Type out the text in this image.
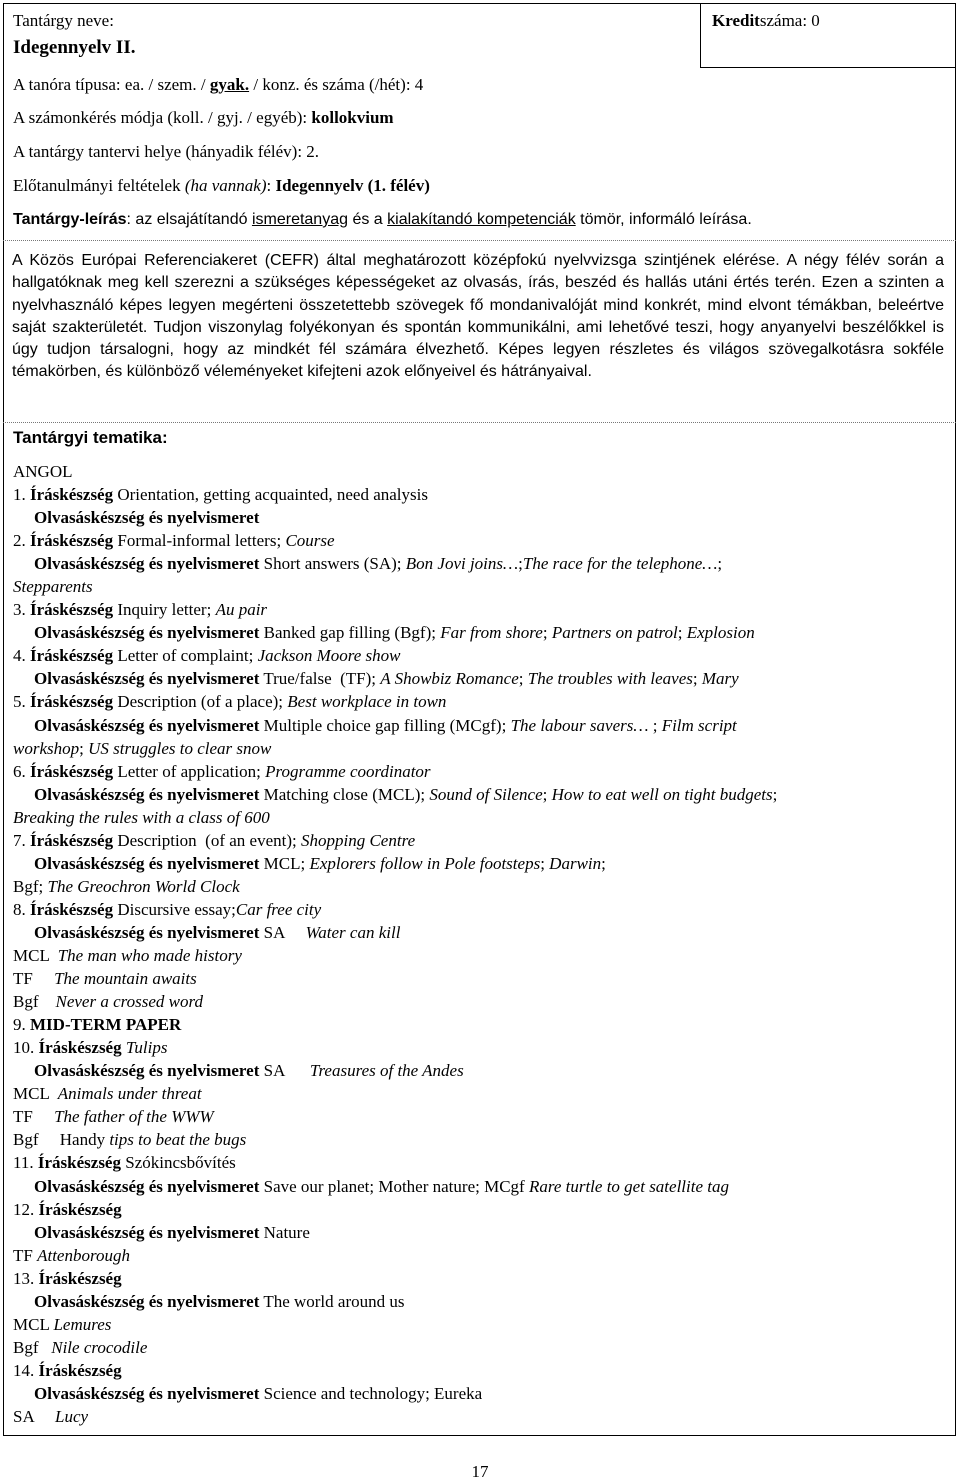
Tantárgy neve:
Idegennyelv II.
Kreditszáma: 0
A tanóra típusa: ea. / szem. / gyak. / konz. és száma (/hét): 4
A számonkérés módja (koll. / gyj. / egyéb): kollokvium
A tantárgy tantervi helye (hányadik félév): 2.
Előtanulmányi feltételek (ha vannak): Idegennyelv (1. félév)
Tantárgy-leírás: az elsajátítandó ismeretanyag és a kialakítandó kompetenciák tömör, informáló leírása.
A Közös Európai Referenciakeret (CEFR) által meghatározott középfokú nyelvvizsga szintjének elérése. A négy félév során a hallgatóknak meg kell szerezni a szükséges képességeket az olvasás, írás, beszéd és hallás utáni értés terén. Ezen a szinten a nyelvhasználó képes legyen megérteni összetettebb szövegek fő mondanivalóját mind konkrét, mind elvont témákban, beleértve saját szakterületét. Tudjon viszonylag folyékonyan és spontán kommunikálni, ami lehetővé teszi, hogy anyanyelvi beszélőkkel is úgy tudjon társalogni, hogy az mindkét fél számára élvezhető. Képes legyen részletes és világos szövegalkotásra sokféle témakörben, és különböző véleményeket kifejteni azok előnyeivel és hátrányaival.
Tantárgyi tematika:
ANGOL
1. Íráskészség Orientation, getting acquainted, need analysis
Olvasáskészség és nyelvismeret
2. Íráskészség Formal-informal letters; Course
Olvasáskészség és nyelvismeret Short answers (SA); Bon Jovi joins…;The race for the telephone…;
Stepparents
3. Íráskészség Inquiry letter; Au pair
Olvasáskészség és nyelvismeret Banked gap filling (Bgf); Far from shore; Partners on patrol; Explosion
4. Íráskészség Letter of complaint; Jackson Moore show
Olvasáskészség és nyelvismeret True/false  (TF); A Showbiz Romance; The troubles with leaves; Mary
5. Íráskészség Description (of a place); Best workplace in town
Olvasáskészség és nyelvismeret Multiple choice gap filling (MCgf); The labour savers… ; Film script
workshop; US struggles to clear snow
6. Íráskészség Letter of application; Programme coordinator
Olvasáskészség és nyelvismeret Matching close (MCL); Sound of Silence; How to eat well on tight budgets;
Breaking the rules with a class of 600
7. Íráskészség Description  (of an event); Shopping Centre
Olvasáskészség és nyelvismeret MCL; Explorers follow in Pole footsteps; Darwin;
Bgf; The Greochron World Clock
8. Íráskészség Discursive essay;Car free city
Olvasáskészség és nyelvismeret SA     Water can kill
MCL  The man who made history
TF     The mountain awaits
Bgf    Never a crossed word
9. MID-TERM PAPER
10. Íráskészség Tulips
Olvasáskészség és nyelvismeret SA      Treasures of the Andes
MCL  Animals under threat
TF     The father of the WWW
Bgf     Handy tips to beat the bugs
11. Íráskészség Szókincsbővítés
Olvasáskészség és nyelvismeret Save our planet; Mother nature; MCgf Rare turtle to get satellite tag
12. Íráskészség
Olvasáskészség és nyelvismeret Nature
TF Attenborough
13. Íráskészség
Olvasáskészség és nyelvismeret The world around us
MCL Lemures
Bgf   Nile crocodile
14. Íráskészség
Olvasáskészség és nyelvismeret Science and technology; Eureka
SA     Lucy
17
